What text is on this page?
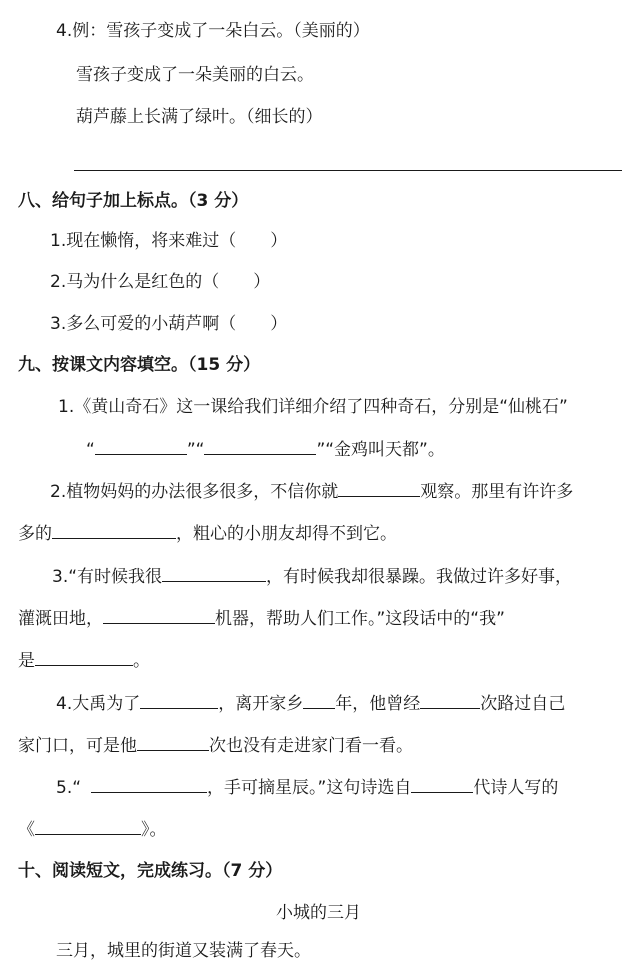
4.例：雪孩子变成了一朵白云。（美丽的）
雪孩子变成了一朵美丽的白云。
葫芦藤上长满了绿叶。（细长的）
八、给句子加上标点。（3 分）
1.现在懒惰，将来难过（　　）
2.马为什么是红色的（　　）
3.多么可爱的小葫芦啊（　　）
九、按课文内容填空。（15 分）
1.《黄山奇石》这一课给我们详细介绍了四种奇石，分别是“仙桃石”
“	”“	”“金鸡叫天都”。
2.植物妈妈的办法很多很多，不信你就	观察。那里有许许多
多的	，粗心的小朋友却得不到它。
3.“有时候我很	，有时候我却很暴躁。我做过许多好事，
灌溉田地，	机器，帮助人们工作。”这段话中的“我”
是	。
4.大禹为了	，离开家乡 年，他曾经	次路过自己
家门口，可是他	次也没有走进家门看一看。
5.“	，手可摘星辰。”这句诗选自	代诗人写的
《	》。
十、阅读短文，完成练习。（7 分）
小城的三月
三月，城里的街道又装满了春天。
